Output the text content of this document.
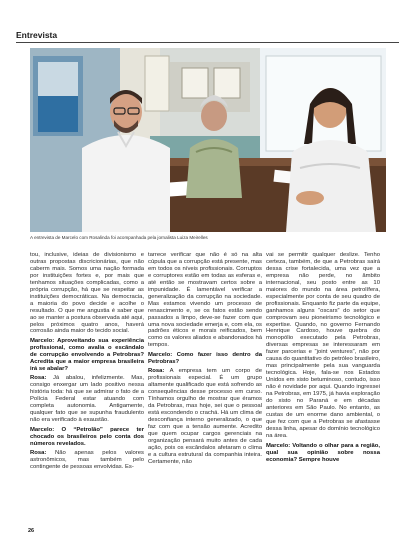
Entrevista
A entrevista de Marcelo com Rosalinda foi acompanhada pela jornalista Luiza Meirelles

tou, inclusive, ideias de divisionismo e outras propostas discricionárias, que não caberm mais. Somos uma nação formada por instituições fortes e, por mais que tenhamos situações complicadas, como a própria corrupção, há que se respeitar as instituições democráticas. Na democracia, a maioria do povo decide e acolhe o resultado. O que me angustia é saber que ao se manter a postura observada até aqui, pelos próximos quatro anos, haverá corrosão ainda maior do tecido social.

Marcelo: Aproveitando sua experiência profissional, como avalia o escândalo de corrupção envolvendo a Petrobras? Acredita que a maior empresa brasileira irá se abalar?

Rosa: Já abalou, infelizmente. Mas, consigo enxergar um lado positivo nessa história toda: há que se admirar o fato de a Polícia Federal estar atuando com completa autonomia. Antigamente, qualquer fato que se supunha fraudulento não era verificado à exaustão.

Marcelo: O “Petrolão” parece ter chocado os brasileiros pelo conta dos números revelados.

Rosa: Não apenas pelos valores astronômicos, mas também pelo contingente de pessoas envolvidas. Es-

tarrece verificar que não é só na alta cúpula que a corrupção está presente, mas em todos os níveis profissionais. Corruptos e corruptores estão em todas as esferas e, até então se mostravam certos sobre a impunidade. É lamentável verificar a generalização da corrupção na sociedade. Mas estamos vivendo um processo de renascimento e, se os fatos estão sendo passados a limpo, deve-se fazer com que uma nova sociedade emerja e, com ela, os padrões éticos e morais reificados, bem como os valores aliados e abandonados há tempos.

Marcelo: Como fazer isso dentro da Petrobras?

Rosa: A empresa tem um corpo de profissionais especial. É um grupo altamente qualificado que está sofrendo as consequências desse processo em curso. Tínhamos orgulho de mostrar que éramos da Petrobras, mas hoje, sei que o pessoal está escondendo o crachá. Há um clima de desconfiança interno generalizado, o que faz com que a tensão aumente. Acredito que quem ocupar cargos gerenciais na organização pensará muito antes de cada ação, pois os escândalos afetaram o clima e a cultura estrutural da companhia inteira. Certamente, não

vai se permitir qualquer deslize. Tenho certeza, também, de que a Petrobras sairá dessa crise fortalecida, uma vez que a empresa não perde, no âmbito internacional, seu posto entre as 10 maiores do mundo na área petrolífera, especialmente por conta de seu quadro de profissionais. Enquanto fiz parte da equipe, ganhamos alguns “oscars” do setor que comprovam seu pioneirismo tecnológico e expertise. Quando, no governo Fernando Henrique Cardoso, houve quebra do monopólio executado pela Petrobras, diversas empresas se interessaram em fazer parcerias e “joint ventures”, não por causa do quantitativo do petróleo brasileiro, mas principalmente pela sua vanguarda tecnológica. Hoje, fala-se nos Estados Unidos em xisto betuminoso, contudo, isso não é novidade por aqui. Quando ingressei na Petrobras, em 1975, já havia exploração do xisto no Paraná e em décadas anteriores em São Paulo. No entanto, as custas de um enorme dano ambiental, o que fez com que a Petrobras se afastasse dessa linha, apesar do domínio tecnológico na área.

Marcelo: Voltando o olhar para a região, qual sua opinião sobre nossa economia? Sempre houve

26
